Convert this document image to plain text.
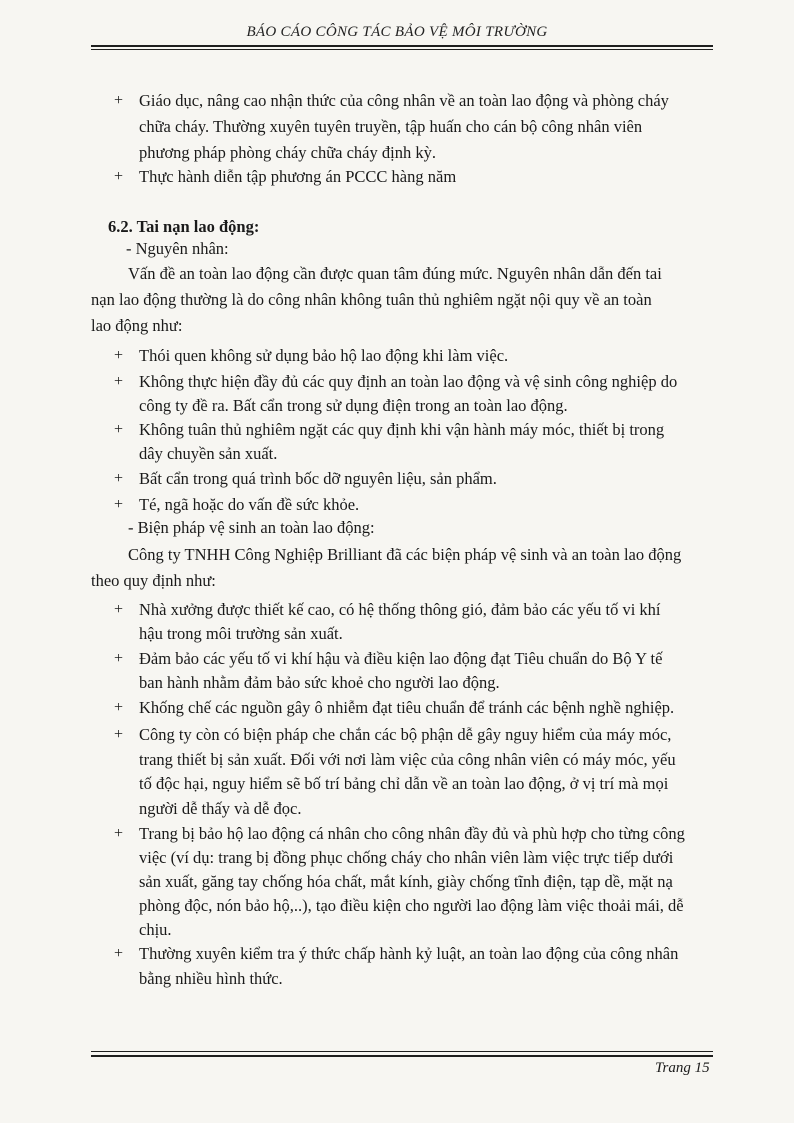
BÁO CÁO CÔNG TÁC BẢO VỆ MÔI TRƯỜNG
+ Giáo dục, nâng cao nhận thức của công nhân về an toàn lao động và phòng cháy
chữa cháy. Thường xuyên tuyên truyền, tập huấn cho cán bộ công nhân viên
phương pháp phòng cháy chữa cháy định kỳ.
+ Thực hành diễn tập phương án PCCC hàng năm
6.2. Tai nạn lao động:
- Nguyên nhân:
Vấn đề an toàn lao động cần được quan tâm đúng mức. Nguyên nhân dẫn đến tai
nạn lao động thường là do công nhân không tuân thủ nghiêm ngặt nội quy về an toàn
lao động như:
+ Thói quen không sử dụng bảo hộ lao động khi làm việc.
+ Không thực hiện đầy đủ các quy định an toàn lao động và vệ sinh công nghiệp do
công ty đề ra. Bất cẩn trong sử dụng điện trong an toàn lao động.
+ Không tuân thủ nghiêm ngặt các quy định khi vận hành máy móc, thiết bị trong
dây chuyền sản xuất.
+ Bất cẩn trong quá trình bốc dỡ nguyên liệu, sản phẩm.
+ Té, ngã hoặc do vấn đề sức khỏe.
- Biện pháp vệ sinh an toàn lao động:
Công ty TNHH Công Nghiệp Brilliant đã các biện pháp vệ sinh và an toàn lao động
theo quy định như:
+ Nhà xưởng được thiết kế cao, có hệ thống thông gió, đảm bảo các yếu tố vi khí
hậu trong môi trường sản xuất.
+ Đảm bảo các yếu tố vi khí hậu và điều kiện lao động đạt Tiêu chuẩn do Bộ Y tế
ban hành nhằm đảm bảo sức khoẻ cho người lao động.
+ Khống chế các nguồn gây ô nhiễm đạt tiêu chuẩn để tránh các bệnh nghề nghiệp.
+ Công ty còn có biện pháp che chắn các bộ phận dễ gây nguy hiểm của máy móc,
trang thiết bị sản xuất. Đối với nơi làm việc của công nhân viên có máy móc, yếu
tố độc hại, nguy hiểm sẽ bố trí bảng chỉ dẫn về an toàn lao động, ở vị trí mà mọi
người dễ thấy và dễ đọc.
+ Trang bị bảo hộ lao động cá nhân cho công nhân đầy đủ và phù hợp cho từng công
việc (ví dụ: trang bị đồng phục chống cháy cho nhân viên làm việc trực tiếp dưới
sản xuất, găng tay chống hóa chất, mắt kính, giày chống tĩnh điện, tạp dề, mặt nạ
phòng độc, nón bảo hộ,..), tạo điều kiện cho người lao động làm việc thoải mái, dễ
chịu.
+ Thường xuyên kiểm tra ý thức chấp hành kỷ luật, an toàn lao động của công nhân
bằng nhiều hình thức.
Trang 15
